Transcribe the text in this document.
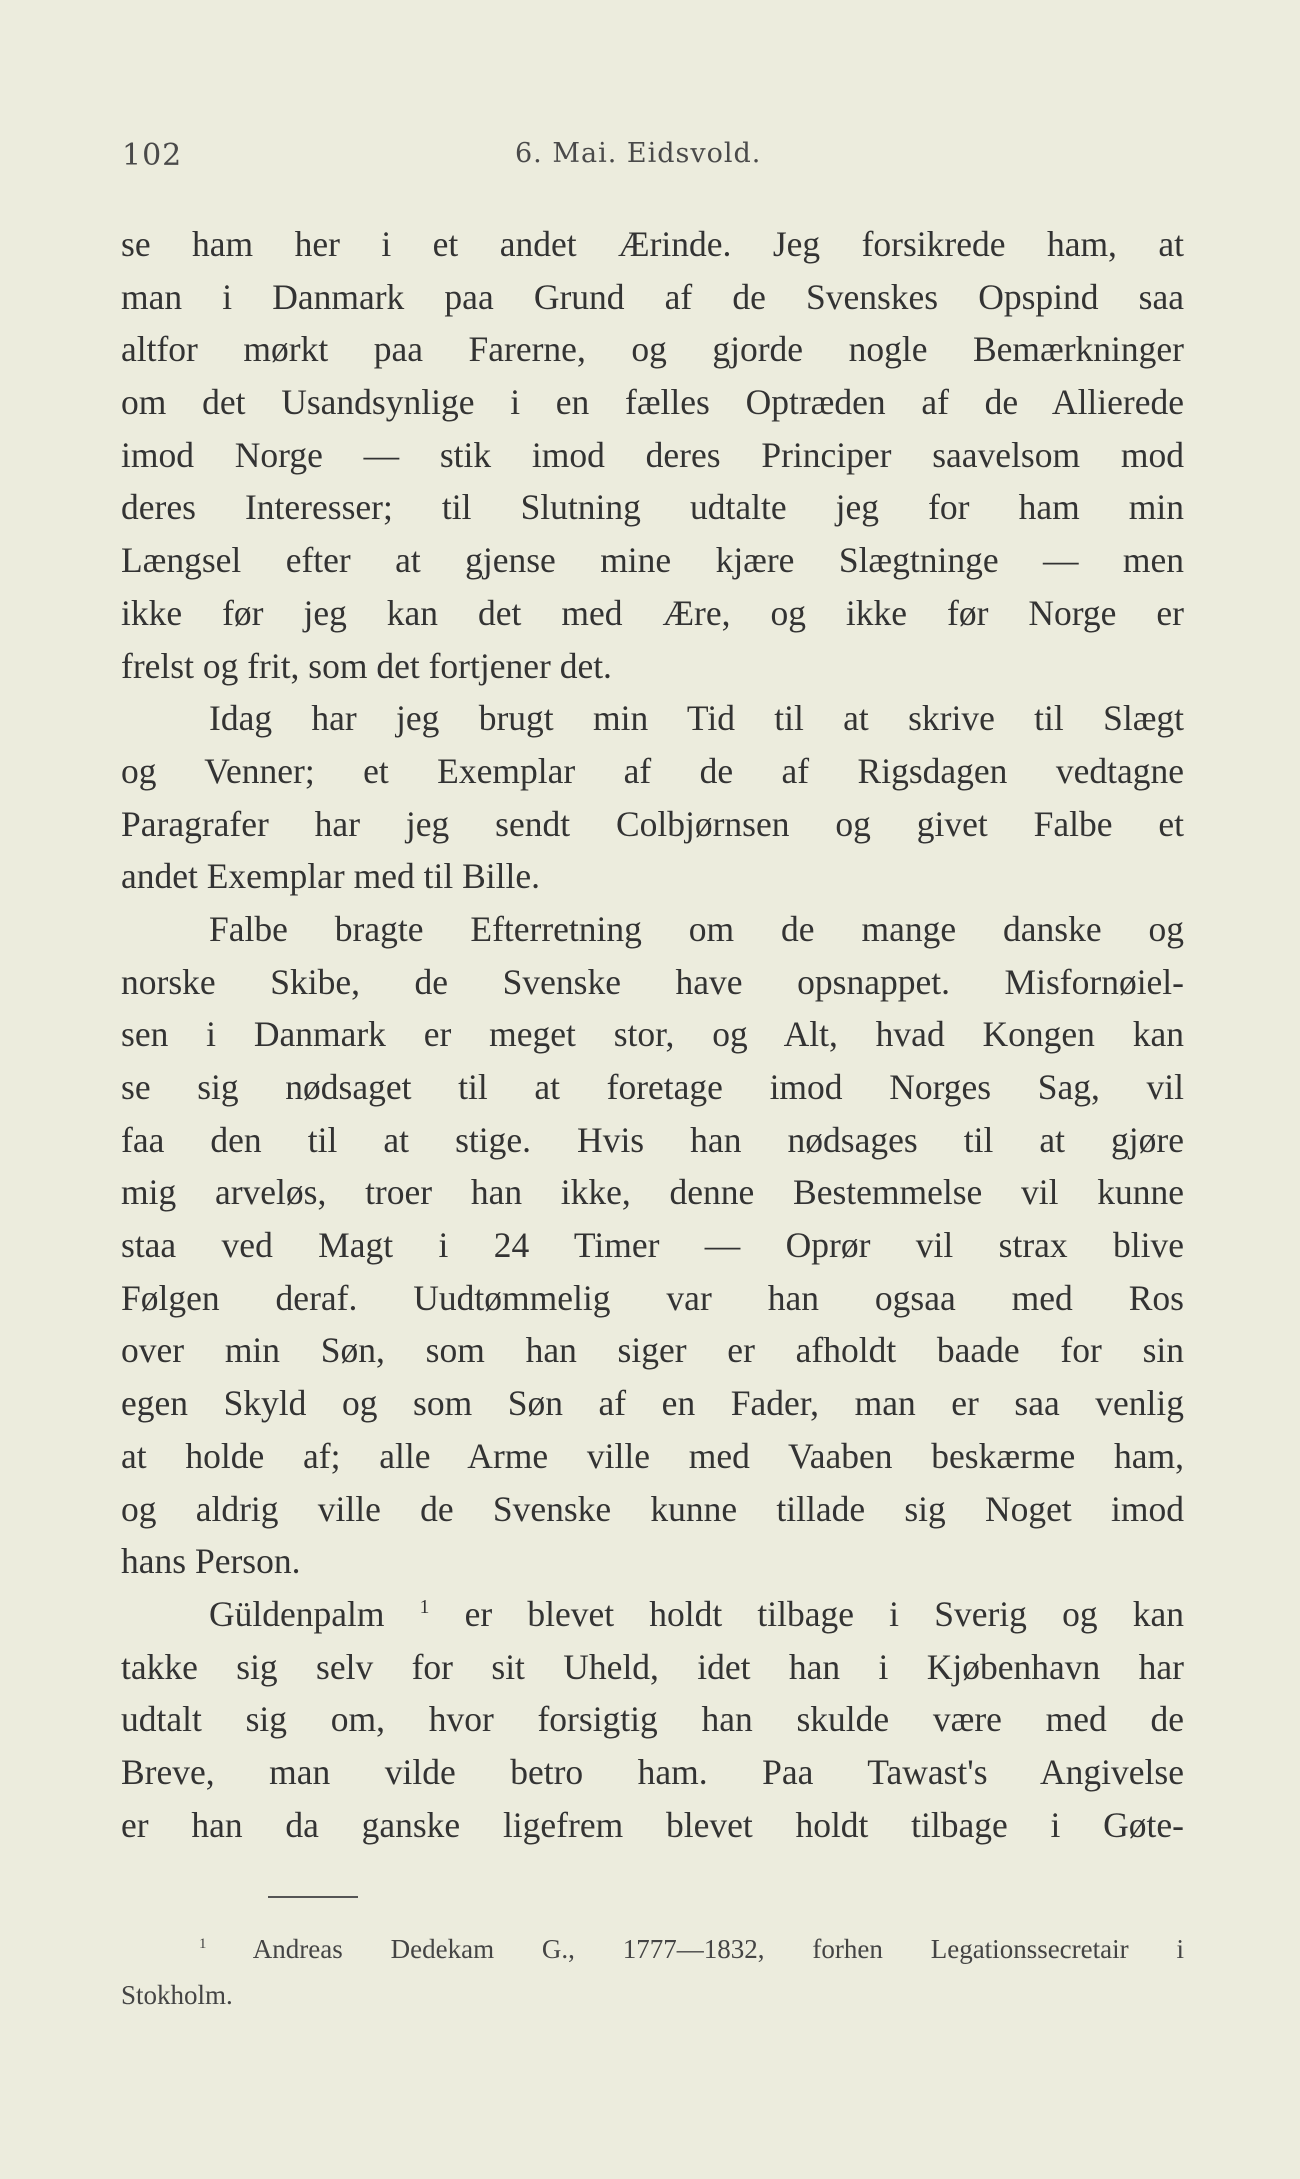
102	6. Mai. Eidsvold.
se ham her i et andet Ærinde. Jeg forsikrede ham, at
man i Danmark paa Grund af de Svenskes Opspind saa
altfor mørkt paa Farerne, og gjorde nogle Bemærkninger
om det Usandsynlige i en fælles Optræden af de Allierede
imod Norge — stik imod deres Principer saavelsom mod
deres Interesser; til Slutning udtalte jeg for ham min
Længsel efter at gjense mine kjære Slægtninge — men
ikke før jeg kan det med Ære, og ikke før Norge er
frelst og frit, som det fortjener det.
Idag har jeg brugt min Tid til at skrive til Slægt
og Venner; et Exemplar af de af Rigsdagen vedtagne
Paragrafer har jeg sendt Colbjørnsen og givet Falbe et
andet Exemplar med til Bille.
Falbe bragte Efterretning om de mange danske og
norske Skibe, de Svenske have opsnappet. Misfornøiel-
sen i Danmark er meget stor, og Alt, hvad Kongen kan
se sig nødsaget til at foretage imod Norges Sag, vil
faa den til at stige. Hvis han nødsages til at gjøre
mig arveløs, troer han ikke, denne Bestemmelse vil kunne
staa ved Magt i 24 Timer — Oprør vil strax blive
Følgen deraf. Uudtømmelig var han ogsaa med Ros
over min Søn, som han siger er afholdt baade for sin
egen Skyld og som Søn af en Fader, man er saa venlig
at holde af; alle Arme ville med Vaaben beskærme ham,
og aldrig ville de Svenske kunne tillade sig Noget imod
hans Person.
Güldenpalm $^1$ er blevet holdt tilbage i Sverig og kan
takke sig selv for sit Uheld, idet han i Kjøbenhavn har
udtalt sig om, hvor forsigtig han skulde være med de
Breve, man vilde betro ham. Paa Tawast's Angivelse
er han da ganske ligefrem blevet holdt tilbage i Gøte-
$^1$ Andreas Dedekam G., 1777—1832, forhen Legationssecretair i
Stokholm.
